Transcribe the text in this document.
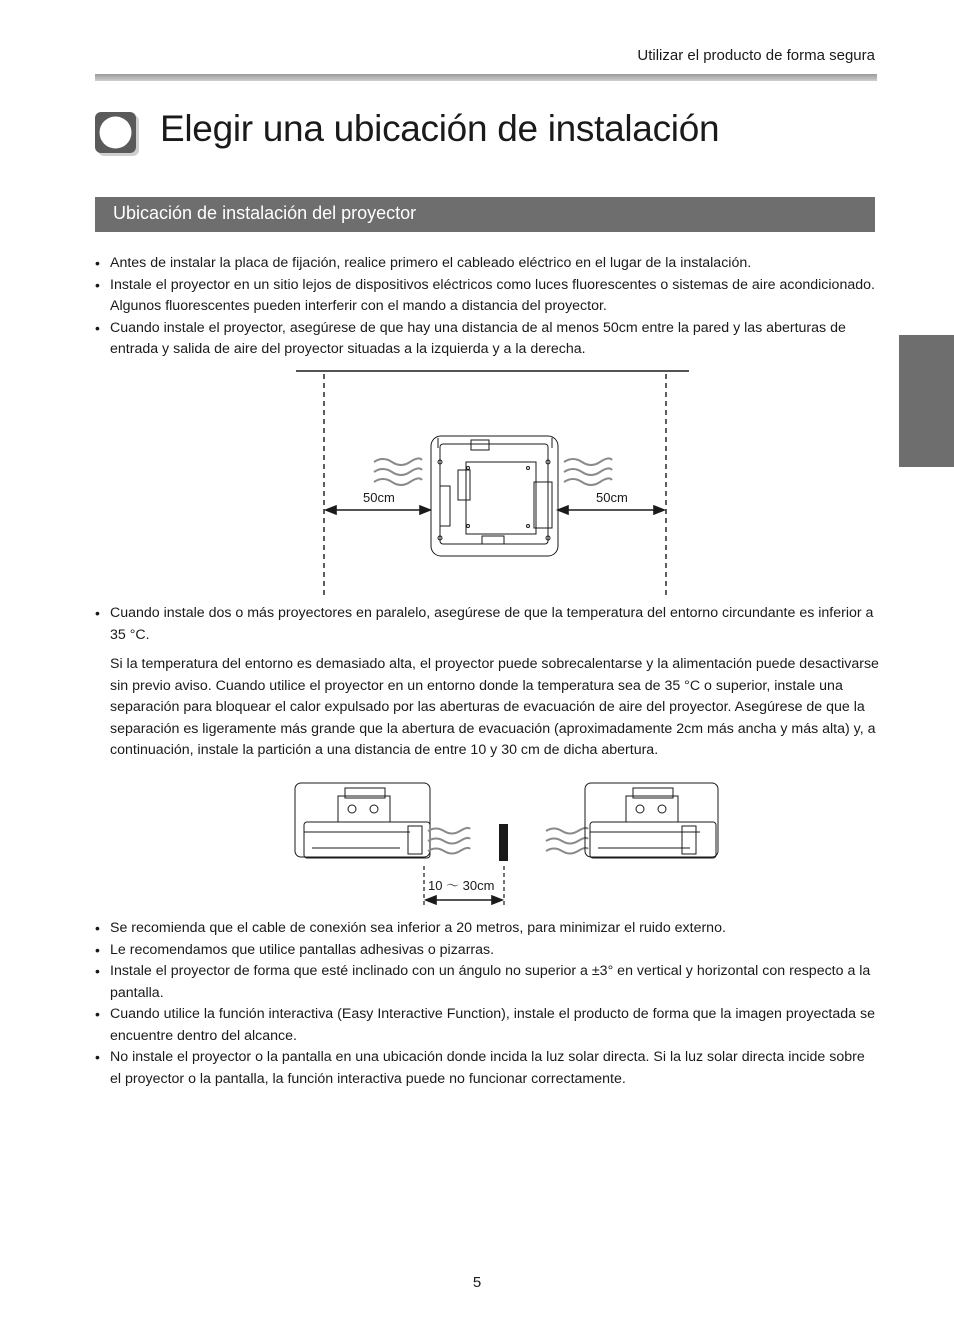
Utilizar el producto de forma segura
Elegir una ubicación de instalación
Ubicación de instalación del proyector
• Antes de instalar la placa de fijación, realice primero el cableado eléctrico en el lugar de la instalación.
• Instale el proyector en un sitio lejos de dispositivos eléctricos como luces fluorescentes o sistemas de aire acondicionado. Algunos fluorescentes pueden interferir con el mando a distancia del proyector.
• Cuando instale el proyector, asegúrese de que hay una distancia de al menos 50cm entre la pared y las aberturas de entrada y salida de aire del proyector situadas a la izquierda y a la derecha.
50cm	50cm
• Cuando instale dos o más proyectores en paralelo, asegúrese de que la temperatura del entorno circundante es inferior a 35 °C.

Si la temperatura del entorno es demasiado alta, el proyector puede sobrecalentarse y la alimentación puede desactivarse sin previo aviso. Cuando utilice el proyector en un entorno donde la temperatura sea de 35 °C o superior, instale una separación para bloquear el calor expulsado por las aberturas de evacuación de aire del proyector. Asegúrese de que la separación es ligeramente más grande que la abertura de evacuación (aproximadamente 2cm más ancha y más alta) y, a continuación, instale la partición a una distancia de entre 10 y 30 cm de dicha abertura.

10 ～ 30cm
• Se recomienda que el cable de conexión sea inferior a 20 metros, para minimizar el ruido externo.
• Le recomendamos que utilice pantallas adhesivas o pizarras.
• Instale el proyector de forma que esté inclinado con un ángulo no superior a ±3° en vertical y horizontal con respecto a la pantalla.
• Cuando utilice la función interactiva (Easy Interactive Function), instale el producto de forma que la imagen proyectada se encuentre dentro del alcance.
• No instale el proyector o la pantalla en una ubicación donde incida la luz solar directa. Si la luz solar directa incide sobre el proyector o la pantalla, la función interactiva puede no funcionar correctamente.
5
